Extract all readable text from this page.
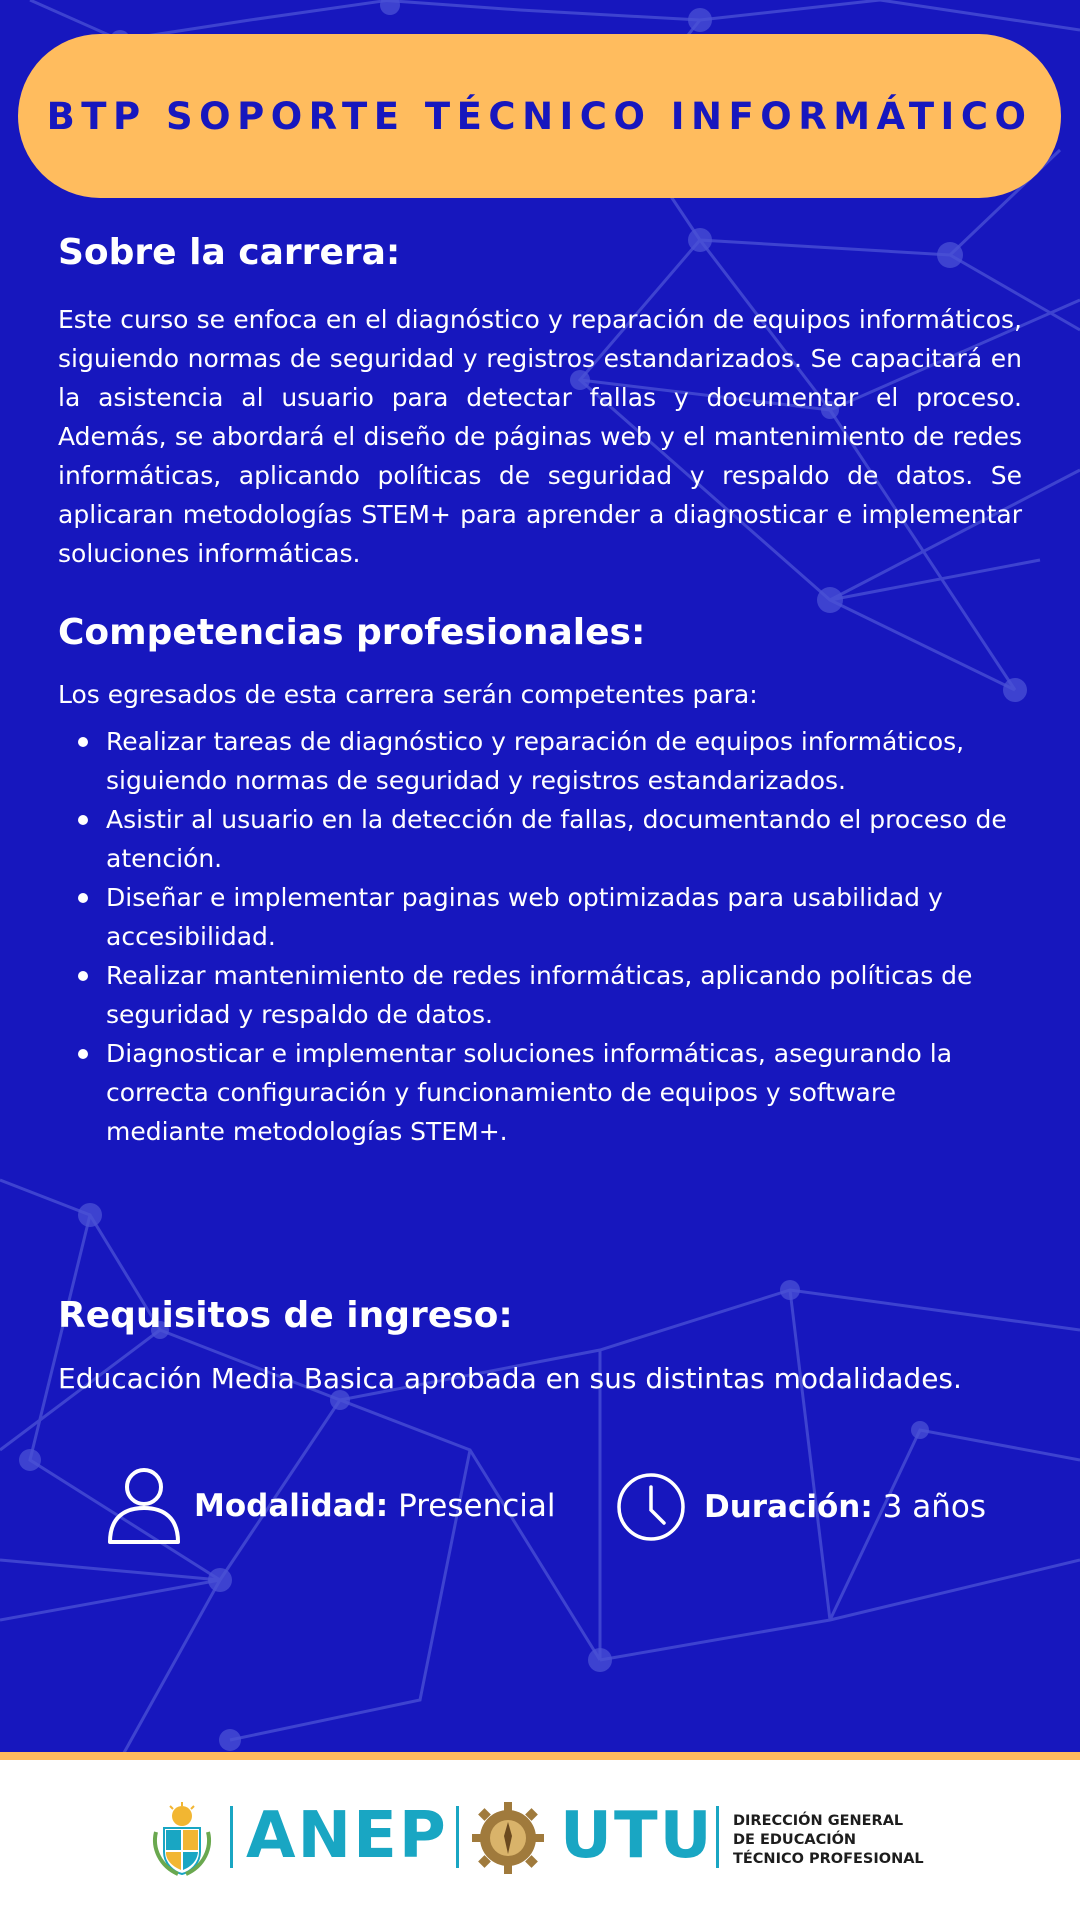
BTP SOPORTE TÉCNICO INFORMÁTICO
Sobre la carrera:

Este curso se enfoca en el diagnóstico y reparación de equipos informáticos, siguiendo normas de seguridad y registros estandarizados. Se capacitará en la asistencia al usuario para detectar fallas y documentar el proceso. Además, se abordará el diseño de páginas web y el mantenimiento de redes informáticas, aplicando políticas de seguridad y respaldo de datos. Se aplicaran metodologías STEM+ para aprender a diagnosticar e implementar soluciones informáticas.

Competencias profesionales:

Los egresados de esta carrera serán competentes para:

Realizar tareas de diagnóstico y reparación de equipos informáticos, siguiendo normas de seguridad y registros estandarizados.
Asistir al usuario en la detección de fallas, documentando el proceso de atención.
Diseñar e implementar paginas web optimizadas para usabilidad y accesibilidad.
Realizar mantenimiento de redes informáticas, aplicando políticas de seguridad y respaldo de datos.
Diagnosticar e implementar soluciones informáticas, asegurando la correcta configuración y funcionamiento de equipos y software mediante metodologías STEM+.
Requisitos de ingreso:

Educación Media Basica aprobada en sus distintas modalidades.

Modalidad: Presencial	Duración: 3 años
ANEP UTU DIRECCIÓN GENERAL
DE EDUCACIÓN
TÉCNICO PROFESIONAL
